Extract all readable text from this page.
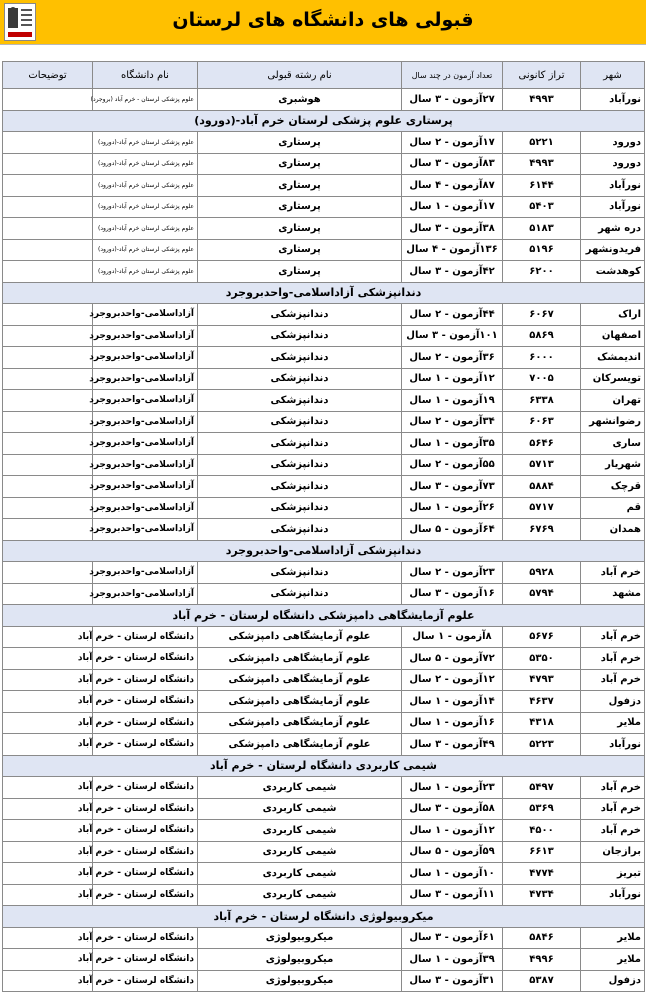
قبولی های دانشگاه های لرستان
شهر	تراز کانونی	تعداد آزمون در چند سال	نام رشته قبولی	نام دانشگاه	توضیحات
نورآباد	۴۹۹۳	۲۷آزمون - ۳ سال	هوشبری	علوم پزشکی لرستان - خرم آباد (بروجرد)	
پرستاری علوم پزشکی لرستان خرم آباد-(دورود)					
دورود	۵۲۲۱	۱۷آزمون - ۲ سال	پرستاری	علوم پزشکی لرستان خرم آباد-(دورود)	
دورود	۴۹۹۳	۸۳آزمون - ۳ سال	پرستاری	علوم پزشکی لرستان خرم آباد-(دورود)	
نورآباد	۶۱۴۴	۸۷آزمون - ۴ سال	پرستاری	علوم پزشکی لرستان خرم آباد-(دورود)	
نورآباد	۵۴۰۳	۱۷آزمون - ۱ سال	پرستاری	علوم پزشکی لرستان خرم آباد-(دورود)	
دره شهر	۵۱۸۳	۳۸آزمون - ۳ سال	پرستاری	علوم پزشکی لرستان خرم آباد-(دورود)	
فریدونشهر	۵۱۹۶	۱۳۶آزمون - ۴ سال	پرستاری	علوم پزشکی لرستان خرم آباد-(دورود)	
کوهدشت	۶۲۰۰	۴۲آزمون - ۳ سال	پرستاری	علوم پزشکی لرستان خرم آباد-(دورود)	
دندانپزشکی آزاداسلامی-واحدبروجرد					
اراک	۶۰۶۷	۴۴آزمون - ۲ سال	دندانپزشکی	آزاداسلامی-واحدبروجرد	
اصفهان	۵۸۶۹	۱۰۱آزمون - ۳ سال	دندانپزشکی	آزاداسلامی-واحدبروجرد	
اندیمشک	۶۰۰۰	۳۶آزمون - ۲ سال	دندانپزشکی	آزاداسلامی-واحدبروجرد	
تویسرکان	۷۰۰۵	۱۲آزمون - ۱ سال	دندانپزشکی	آزاداسلامی-واحدبروجرد	
تهران	۶۳۳۸	۱۹آزمون - ۱ سال	دندانپزشکی	آزاداسلامی-واحدبروجرد	
رضوانشهر	۶۰۶۳	۳۴آزمون - ۲ سال	دندانپزشکی	آزاداسلامی-واحدبروجرد	
ساری	۵۶۴۶	۳۵آزمون - ۱ سال	دندانپزشکی	آزاداسلامی-واحدبروجرد	
شهریار	۵۷۱۳	۵۵آزمون - ۲ سال	دندانپزشکی	آزاداسلامی-واحدبروجرد	
قرچک	۵۸۸۴	۷۳آزمون - ۳ سال	دندانپزشکی	آزاداسلامی-واحدبروجرد	
قم	۵۷۱۷	۲۶آزمون - ۱ سال	دندانپزشکی	آزاداسلامی-واحدبروجرد	
همدان	۶۷۶۹	۶۴آزمون - ۵ سال	دندانپزشکی	آزاداسلامی-واحدبروجرد	
دندانپزشکی آزاداسلامی-واحدبروجرد					
خرم آباد	۵۹۲۸	۲۳آزمون - ۲ سال	دندانپزشکی	آزاداسلامی-واحدبروجرد	
مشهد	۵۷۹۴	۱۶آزمون - ۳ سال	دندانپزشکی	آزاداسلامی-واحدبروجرد	
علوم آزمایشگاهی دامپزشکی دانشگاه لرستان - خرم آباد					
خرم آباد	۵۶۷۶	۸آزمون - ۱ سال	علوم آزمایشگاهی دامپزشکی	دانشگاه لرستان - خرم آباد	
خرم آباد	۵۳۵۰	۷۲آزمون - ۵ سال	علوم آزمایشگاهی دامپزشکی	دانشگاه لرستان - خرم آباد	
خرم آباد	۴۷۹۳	۱۲آزمون - ۲ سال	علوم آزمایشگاهی دامپزشکی	دانشگاه لرستان - خرم آباد	
دزفول	۴۶۳۷	۱۴آزمون - ۱ سال	علوم آزمایشگاهی دامپزشکی	دانشگاه لرستان - خرم آباد	
ملایر	۴۳۱۸	۱۶آزمون - ۱ سال	علوم آزمایشگاهی دامپزشکی	دانشگاه لرستان - خرم آباد	
نورآباد	۵۲۲۳	۴۹آزمون - ۳ سال	علوم آزمایشگاهی دامپزشکی	دانشگاه لرستان - خرم آباد	
شیمی کاربردی دانشگاه لرستان - خرم آباد					
خرم آباد	۵۴۹۷	۲۳آزمون - ۱ سال	شیمی کاربردی	دانشگاه لرستان - خرم آباد	
خرم آباد	۵۳۶۹	۵۸آزمون - ۳ سال	شیمی کاربردی	دانشگاه لرستان - خرم آباد	
خرم آباد	۴۵۰۰	۱۲آزمون - ۱ سال	شیمی کاربردی	دانشگاه لرستان - خرم آباد	
برازجان	۶۶۱۳	۵۹آزمون - ۵ سال	شیمی کاربردی	دانشگاه لرستان - خرم آباد	
تبریز	۴۷۷۴	۱۰آزمون - ۱ سال	شیمی کاربردی	دانشگاه لرستان - خرم آباد	
نورآباد	۴۷۳۴	۱۱آزمون - ۳ سال	شیمی کاربردی	دانشگاه لرستان - خرم آباد	
میکروبیولوژی دانشگاه لرستان - خرم آباد					
ملایر	۵۸۴۶	۶۱آزمون - ۳ سال	میکروبیولوژی	دانشگاه لرستان - خرم آباد	
ملایر	۴۹۹۶	۳۹آزمون - ۱ سال	میکروبیولوژی	دانشگاه لرستان - خرم آباد	
دزفول	۵۳۸۷	۳۱آزمون - ۳ سال	میکروبیولوژی	دانشگاه لرستان - خرم آباد	
